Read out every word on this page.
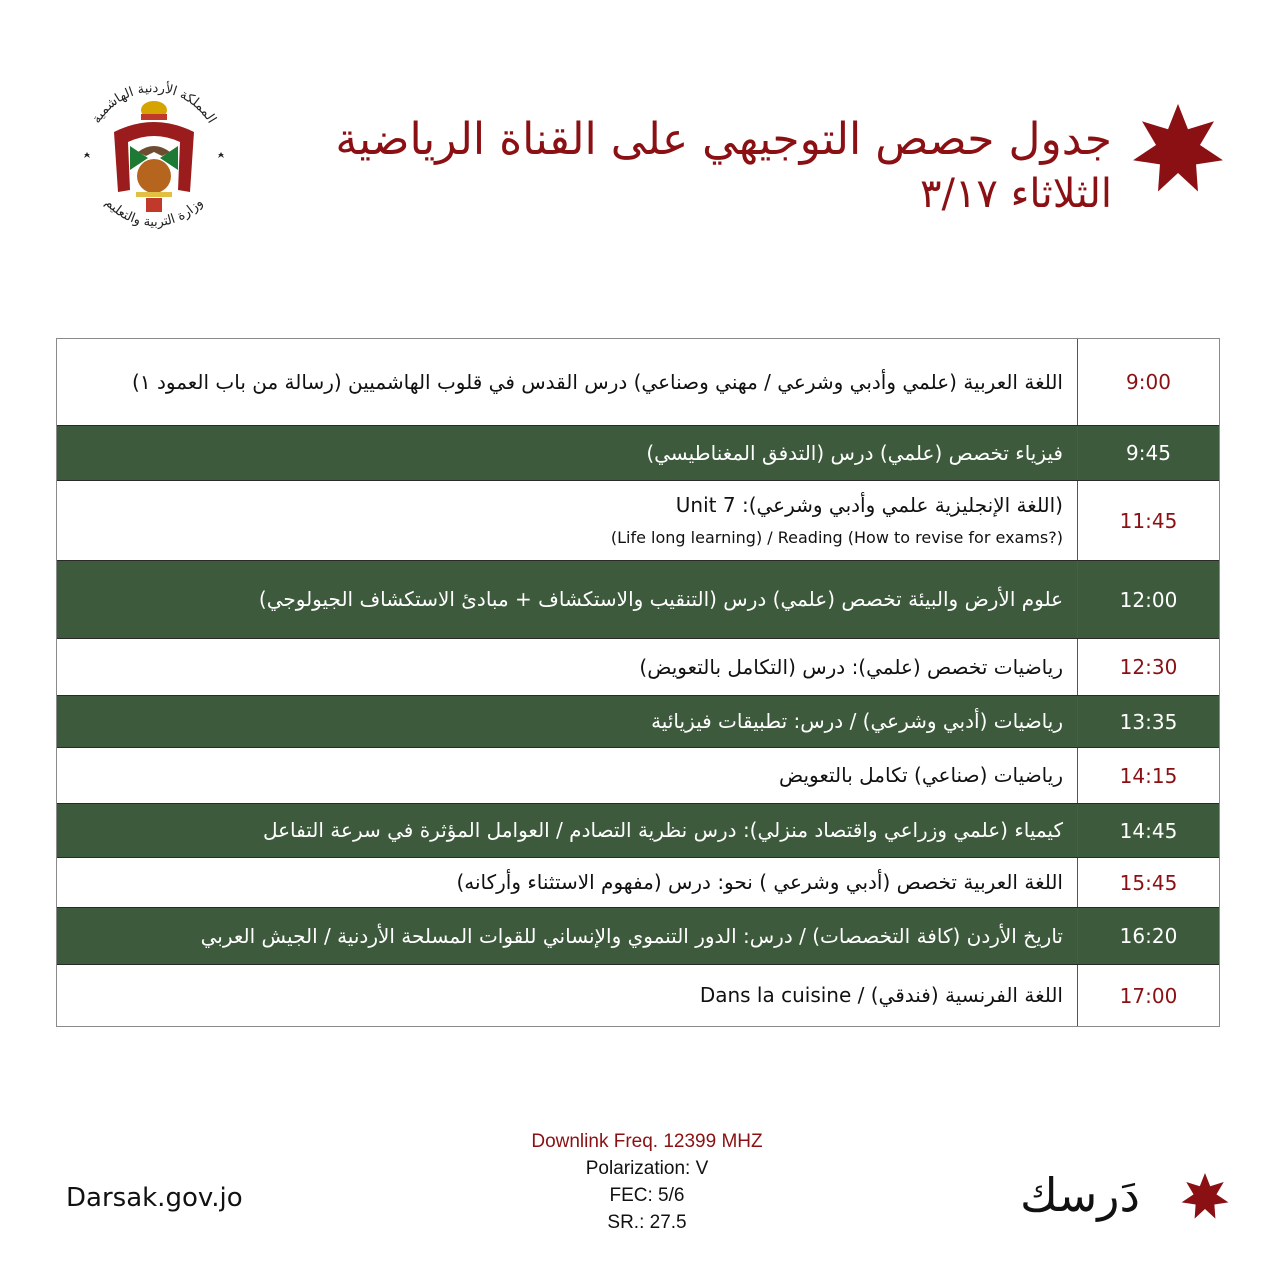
المملكة الأردنية الهاشمية
وزارة التربية والتعليم
جدول حصص التوجيهي على القناة الرياضية
الثلاثاء ٣/١٧
9:00
اللغة العربية (علمي وأدبي وشرعي / مهني وصناعي) درس القدس في قلوب الهاشميين (رسالة من باب العمود ١)
9:45
فيزياء تخصص (علمي) درس (التدفق المغناطيسي)
11:45
(اللغة الإنجليزية علمي وأدبي وشرعي): Unit 7
(Life long learning) / Reading (How to revise for exams?)
12:00
علوم الأرض والبيئة تخصص (علمي) درس (التنقيب والاستكشاف + مبادئ الاستكشاف الجيولوجي)
12:30
رياضيات تخصص (علمي): درس (التكامل بالتعويض)
13:35
رياضيات (أدبي وشرعي) / درس: تطبيقات فيزيائية
14:15
رياضيات (صناعي) تكامل بالتعويض
14:45
كيمياء (علمي وزراعي واقتصاد منزلي): درس نظرية التصادم / العوامل المؤثرة في سرعة التفاعل
15:45
اللغة العربية تخصص (أدبي وشرعي ) نحو: درس (مفهوم الاستثناء وأركانه)
16:20
تاريخ الأردن (كافة التخصصات) / درس: الدور التنموي والإنساني للقوات المسلحة الأردنية / الجيش العربي
17:00
اللغة الفرنسية (فندقي) / Dans la cuisine
Darsak.gov.jo
Downlink Freq. 12399 MHZ
Polarization: V
FEC: 5/6
SR.: 27.5
دَرسك
